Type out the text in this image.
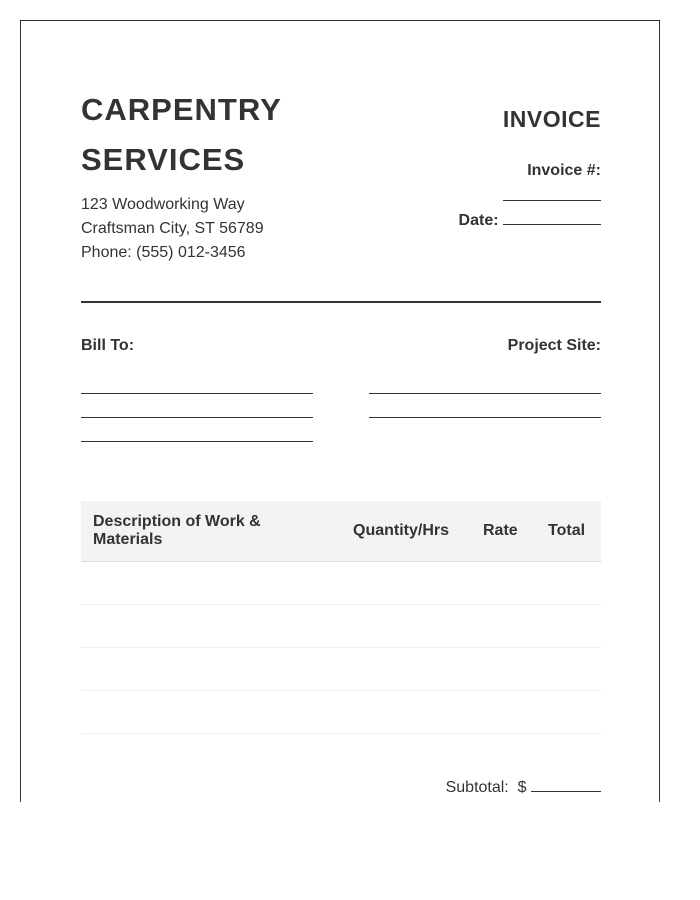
CARPENTRY
SERVICES
123 Woodworking Way
Craftsman City, ST 56789
Phone: (555) 012-3456
INVOICE
Invoice #:
Date:
Bill To:	Project Site:
Description of Work & Materials
Quantity/Hrs Rate Total
Subtotal: $
